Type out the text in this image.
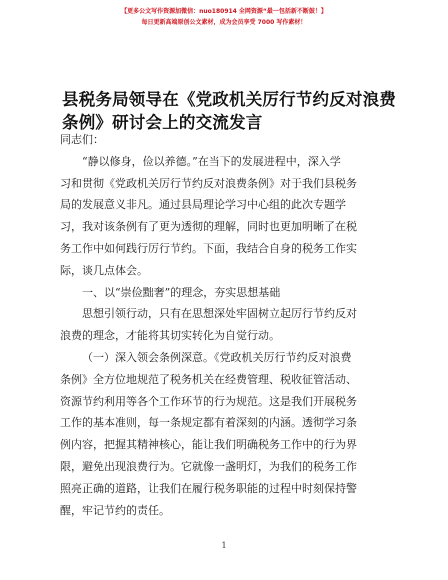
【更多公文写作资源加微信：nuo180914 全网资源“最一包括新不断鼓！】
每日更新高端原创公文素材，成为会员享受 7000 写作素材！
县税务局领导在《党政机关厉行节约反对浪费
条例》研讨会上的交流发言
同志们：
“静以修身，俭以养德。”在当下的发展进程中，深入学
习和贯彻《党政机关厉行节约反对浪费条例》对于我们县税务
局的发展意义非凡。通过县局理论学习中心组的此次专题学
习，我对该条例有了更为透彻的理解，同时也更加明晰了在税
务工作中如何践行厉行节约。下面，我结合自身的税务工作实
际，谈几点体会。
一、以“崇俭黜奢”的理念，夯实思想基础
思想引领行动，只有在思想深处牢固树立起厉行节约反对
浪费的理念，才能将其切实转化为自觉行动。
（一）深入领会条例深意。《党政机关厉行节约反对浪费
条例》全方位地规范了税务机关在经费管理、税收征管活动、
资源节约利用等各个工作环节的行为规范。这是我们开展税务
工作的基本准则，每一条规定都有着深刻的内涵。透彻学习条
例内容，把握其精神核心，能让我们明确税务工作中的行为界
限，避免出现浪费行为。它就像一盏明灯，为我们的税务工作
照亮正确的道路，让我们在履行税务职能的过程中时刻保持警
醒，牢记节约的责任。
1
